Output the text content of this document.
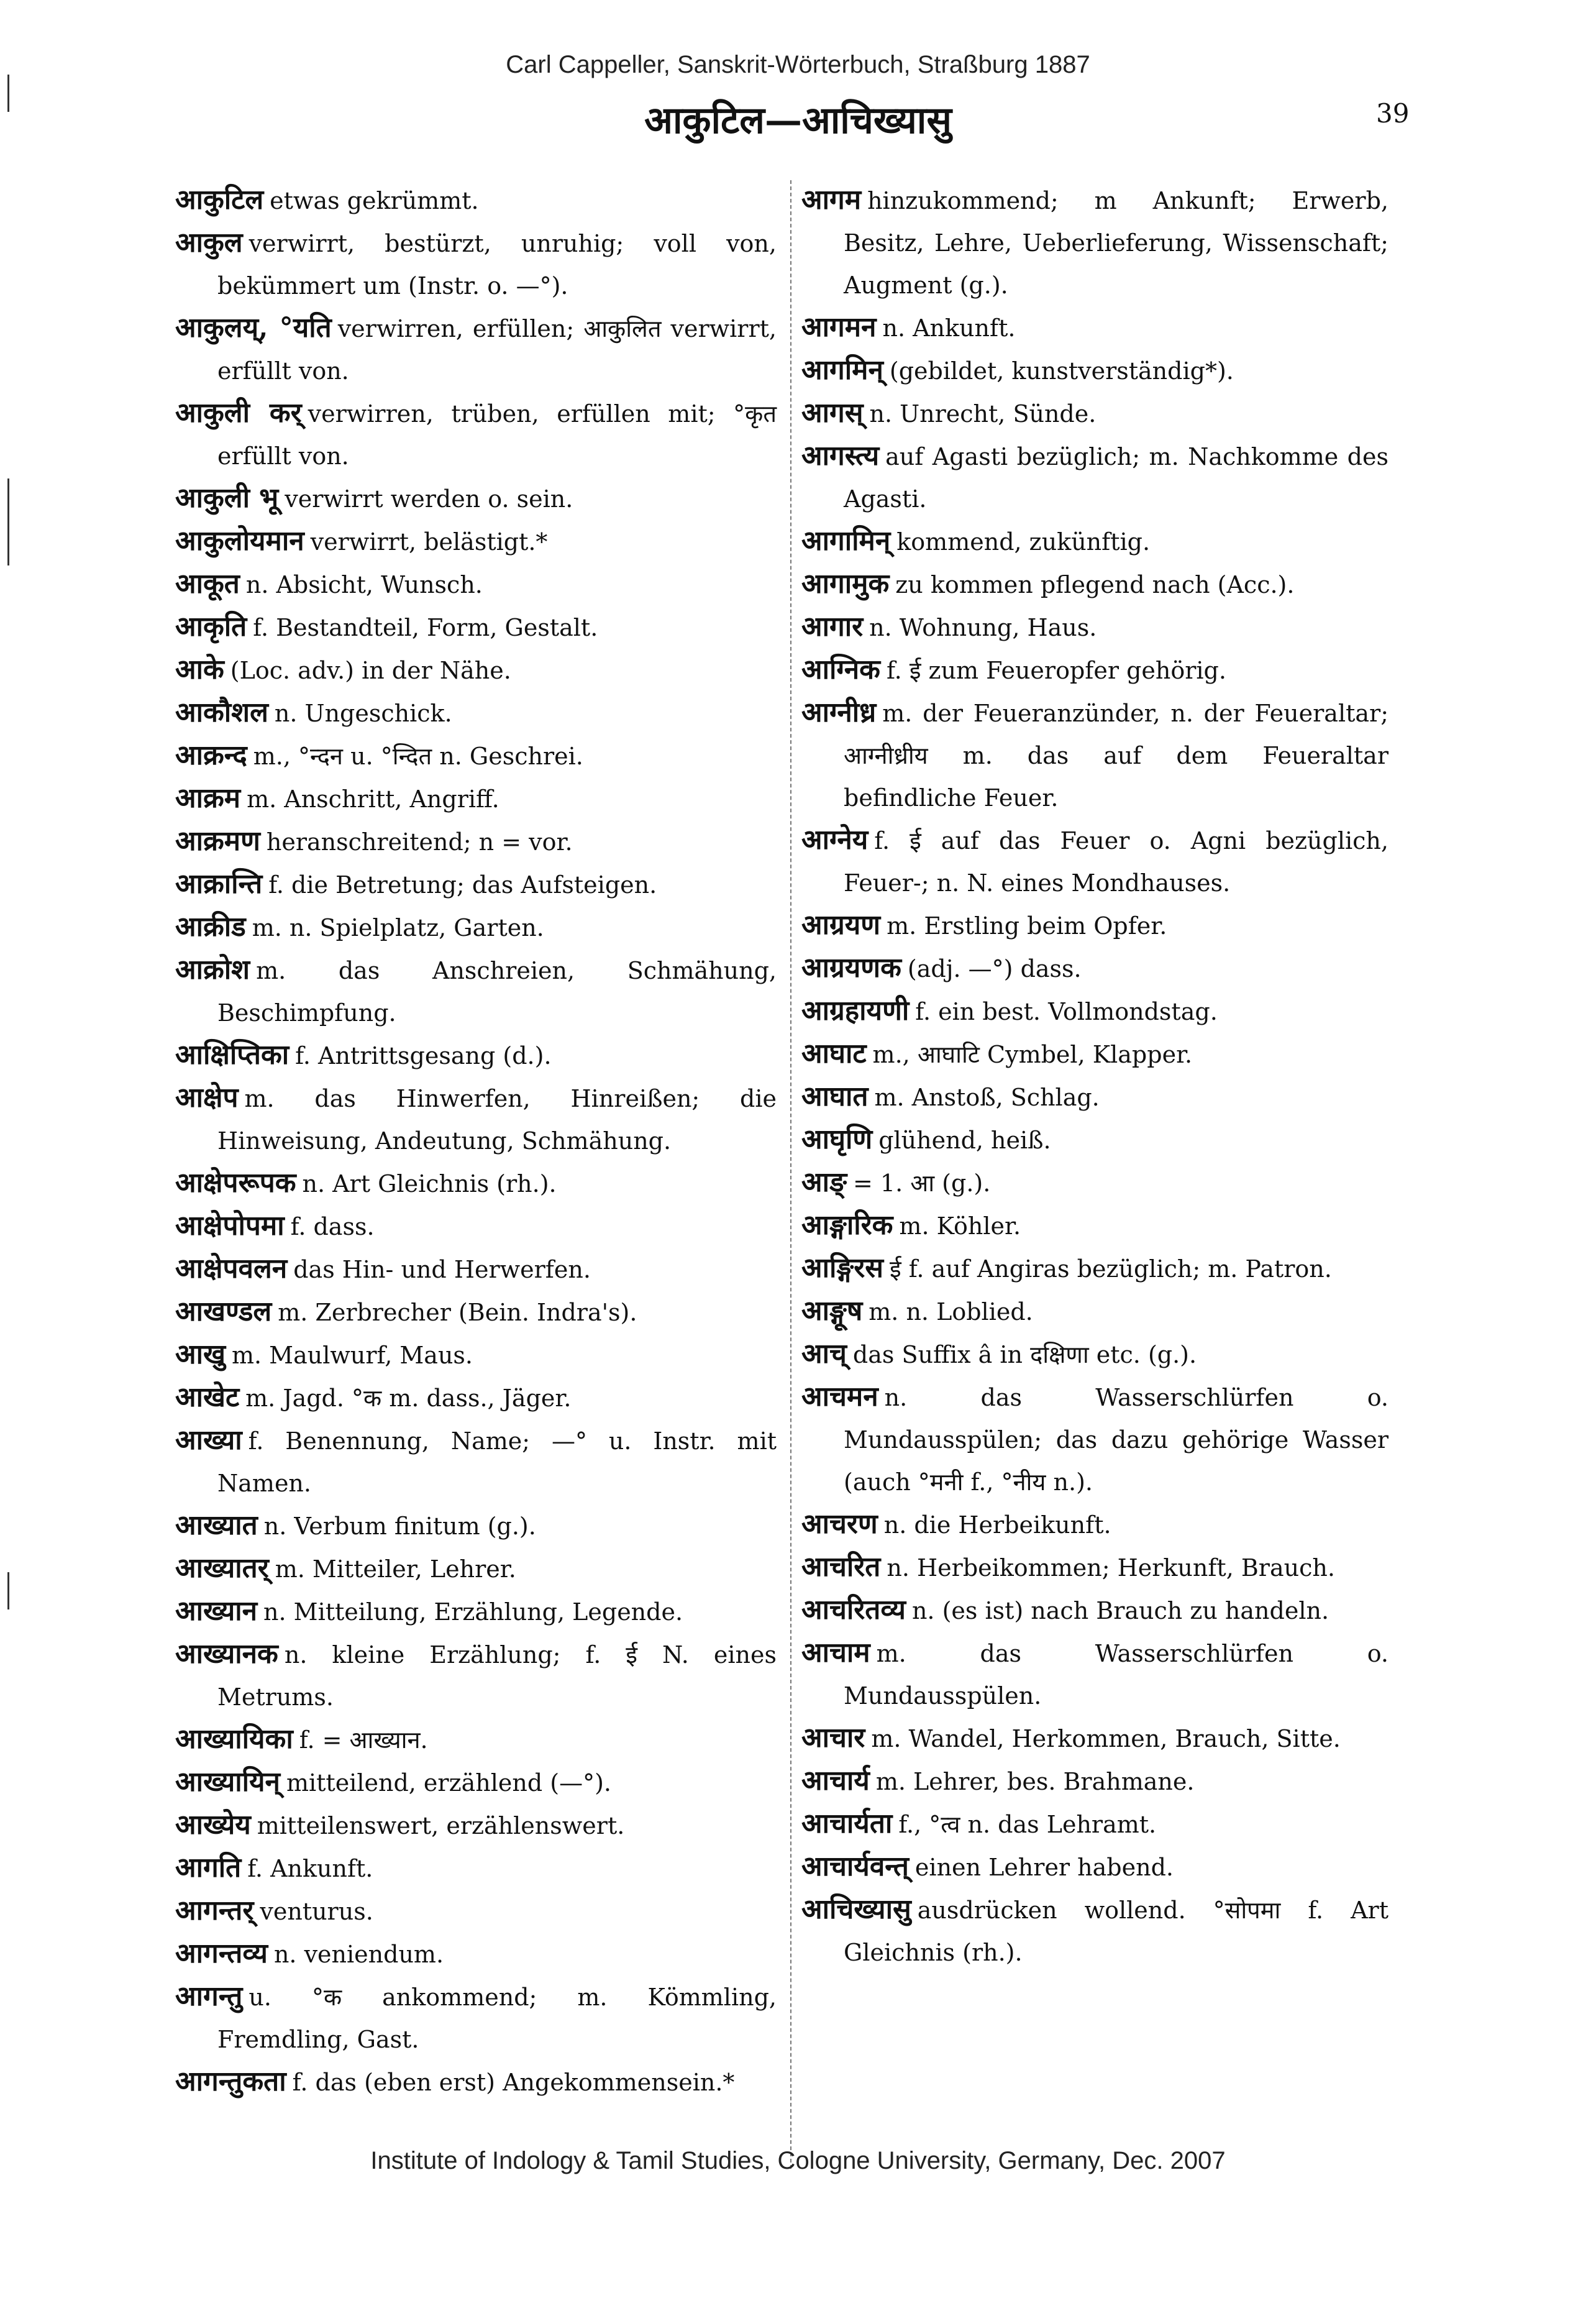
Carl Cappeller, Sanskrit-Wörterbuch, Straßburg 1887
आकुटिल—आचिख्यासु	39

आकुटिल etwas gekrümmt.

आकुल verwirrt, bestürzt, unruhig; voll von, bekümmert um (Instr. o. —°).

आकुलय्, °यति verwirren, erfüllen; आकुलित verwirrt, erfüllt von.

आकुली कर् verwirren, trüben, erfüllen mit; °कृत erfüllt von.

आकुली भू verwirrt werden o. sein.

आकुलोयमान verwirrt, belästigt.*

आकूत n. Absicht, Wunsch.

आकृति f. Bestandteil, Form, Gestalt.

आके (Loc. adv.) in der Nähe.

आकौशल n. Ungeschick.

आक्रन्द m., °न्दन u. °न्दित n. Geschrei.

आक्रम m. Anschritt, Angriff.

आक्रमण heranschreitend; n = vor.

आक्रान्ति f. die Betretung; das Aufsteigen.

आक्रीड m. n. Spielplatz, Garten.

आक्रोश m. das Anschreien, Schmähung, Beschimpfung.

आक्षिप्तिका f. Antrittsgesang (d.).

आक्षेप m. das Hinwerfen, Hinreißen; die Hinweisung, Andeutung, Schmähung.

आक्षेपरूपक n. Art Gleichnis (rh.).

आक्षेपोपमा f. dass.

आक्षेपवलन das Hin- und Herwerfen.

आखण्डल m. Zerbrecher (Bein. Indra's).

आखु m. Maulwurf, Maus.

आखेट m. Jagd. °क m. dass., Jäger.

आख्या f. Benennung, Name; —° u. Instr. mit Namen.

आख्यात n. Verbum finitum (g.).

आख्यातर् m. Mitteiler, Lehrer.

आख्यान n. Mitteilung, Erzählung, Legende.

आख्यानक n. kleine Erzählung; f. ई N. eines Metrums.

आख्यायिका f. = आख्यान.

आख्यायिन् mitteilend, erzählend (—°).

आख्येय mitteilenswert, erzählenswert.

आगति f. Ankunft.

आगन्तर् venturus.

आगन्तव्य n. veniendum.

आगन्तु u. °क ankommend; m. Kömmling, Fremdling, Gast.

आगन्तुकता f. das (eben erst) Angekommensein.*

आगम hinzukommend; m Ankunft; Erwerb, Besitz, Lehre, Ueberlieferung, Wissenschaft; Augment (g.).

आगमन n. Ankunft.

आगमिन् (gebildet, kunstverständig*).

आगस् n. Unrecht, Sünde.

आगस्त्य auf Agasti bezüglich; m. Nachkomme des Agasti.

आगामिन् kommend, zukünftig.

आगामुक zu kommen pflegend nach (Acc.).

आगार n. Wohnung, Haus.

आग्निक f. ई zum Feueropfer gehörig.

आग्नीध्र m. der Feueranzünder, n. der Feueraltar; आग्नीध्रीय m. das auf dem Feueraltar befindliche Feuer.

आग्नेय f. ई auf das Feuer o. Agni bezüglich, Feuer-; n. N. eines Mondhauses.

आग्रयण m. Erstling beim Opfer.

आग्रयणक (adj. —°) dass.

आग्रहायणी f. ein best. Vollmondstag.

आघाट m., आघाटि Cymbel, Klapper.

आघात m. Anstoß, Schlag.

आघृणि glühend, heiß.

आङ् = 1. आ (g.).

आङ्गारिक m. Köhler.

आङ्गिरस ई f. auf Angiras bezüglich; m. Patron.

आङ्गूष m. n. Loblied.

आच् das Suffix â in दक्षिणा etc. (g.).

आचमन n. das Wasserschlürfen o. Mundausspülen; das dazu gehörige Wasser (auch °मनी f., °नीय n.).

आचरण n. die Herbeikunft.

आचरित n. Herbeikommen; Herkunft, Brauch.

आचरितव्य n. (es ist) nach Brauch zu handeln.

आचाम m. das Wasserschlürfen o. Mundausspülen.

आचार m. Wandel, Herkommen, Brauch, Sitte.

आचार्य m. Lehrer, bes. Brahmane.

आचार्यता f., °त्व n. das Lehramt.

आचार्यवन्त् einen Lehrer habend.

आचिख्यासु ausdrücken wollend. °सोपमा f. Art Gleichnis (rh.).

Institute of Indology & Tamil Studies, Cologne University, Germany, Dec. 2007
